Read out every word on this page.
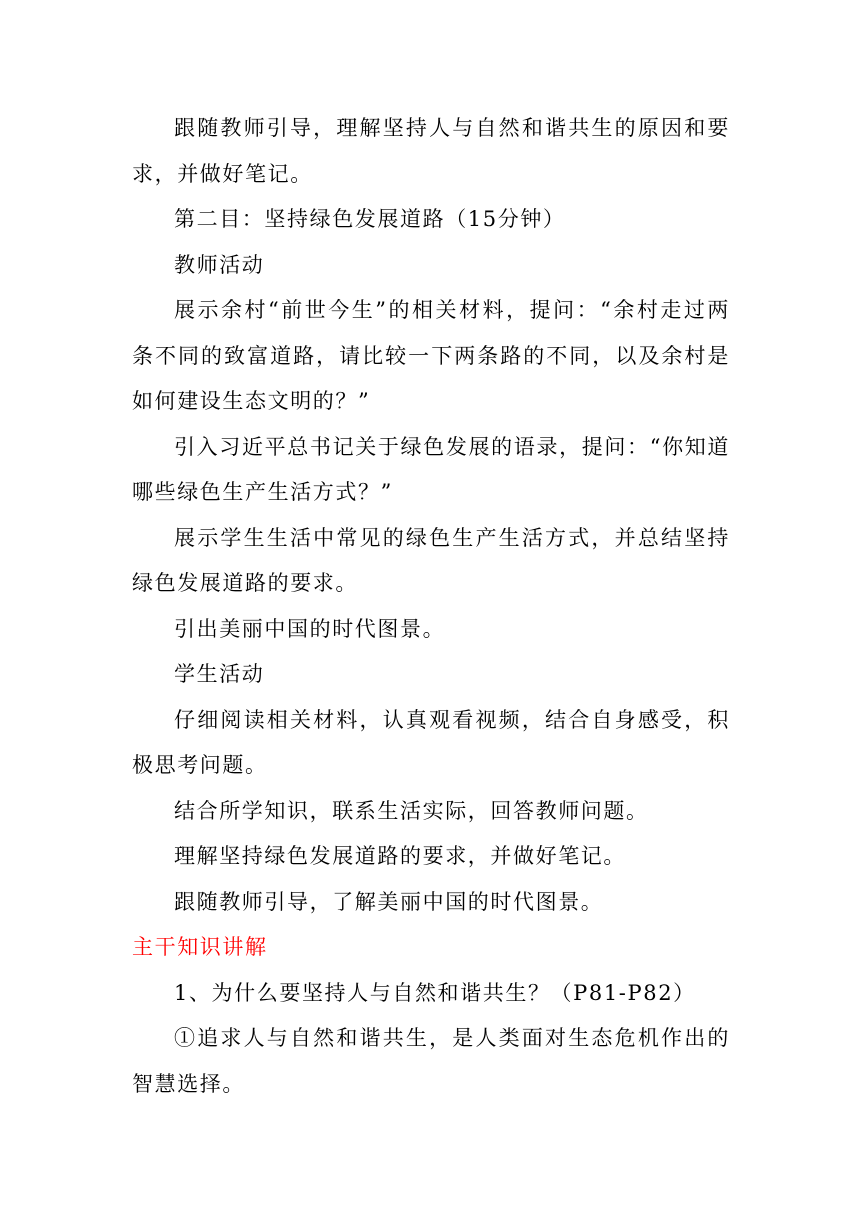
跟随教师引导，理解坚持人与自然和谐共生的原因和要求，并做好笔记。

第二目：坚持绿色发展道路（15分钟）

教师活动

展示余村“前世今生”的相关材料，提问：“余村走过两条不同的致富道路，请比较一下两条路的不同，以及余村是如何建设生态文明的？”

引入习近平总书记关于绿色发展的语录，提问：“你知道哪些绿色生产生活方式？”

展示学生生活中常见的绿色生产生活方式，并总结坚持绿色发展道路的要求。

引出美丽中国的时代图景。

学生活动

仔细阅读相关材料，认真观看视频，结合自身感受，积极思考问题。

结合所学知识，联系生活实际，回答教师问题。

理解坚持绿色发展道路的要求，并做好笔记。

跟随教师引导，了解美丽中国的时代图景。

主干知识讲解

1、为什么要坚持人与自然和谐共生？（P81-P82）

①追求人与自然和谐共生，是人类面对生态危机作出的智慧选择。
